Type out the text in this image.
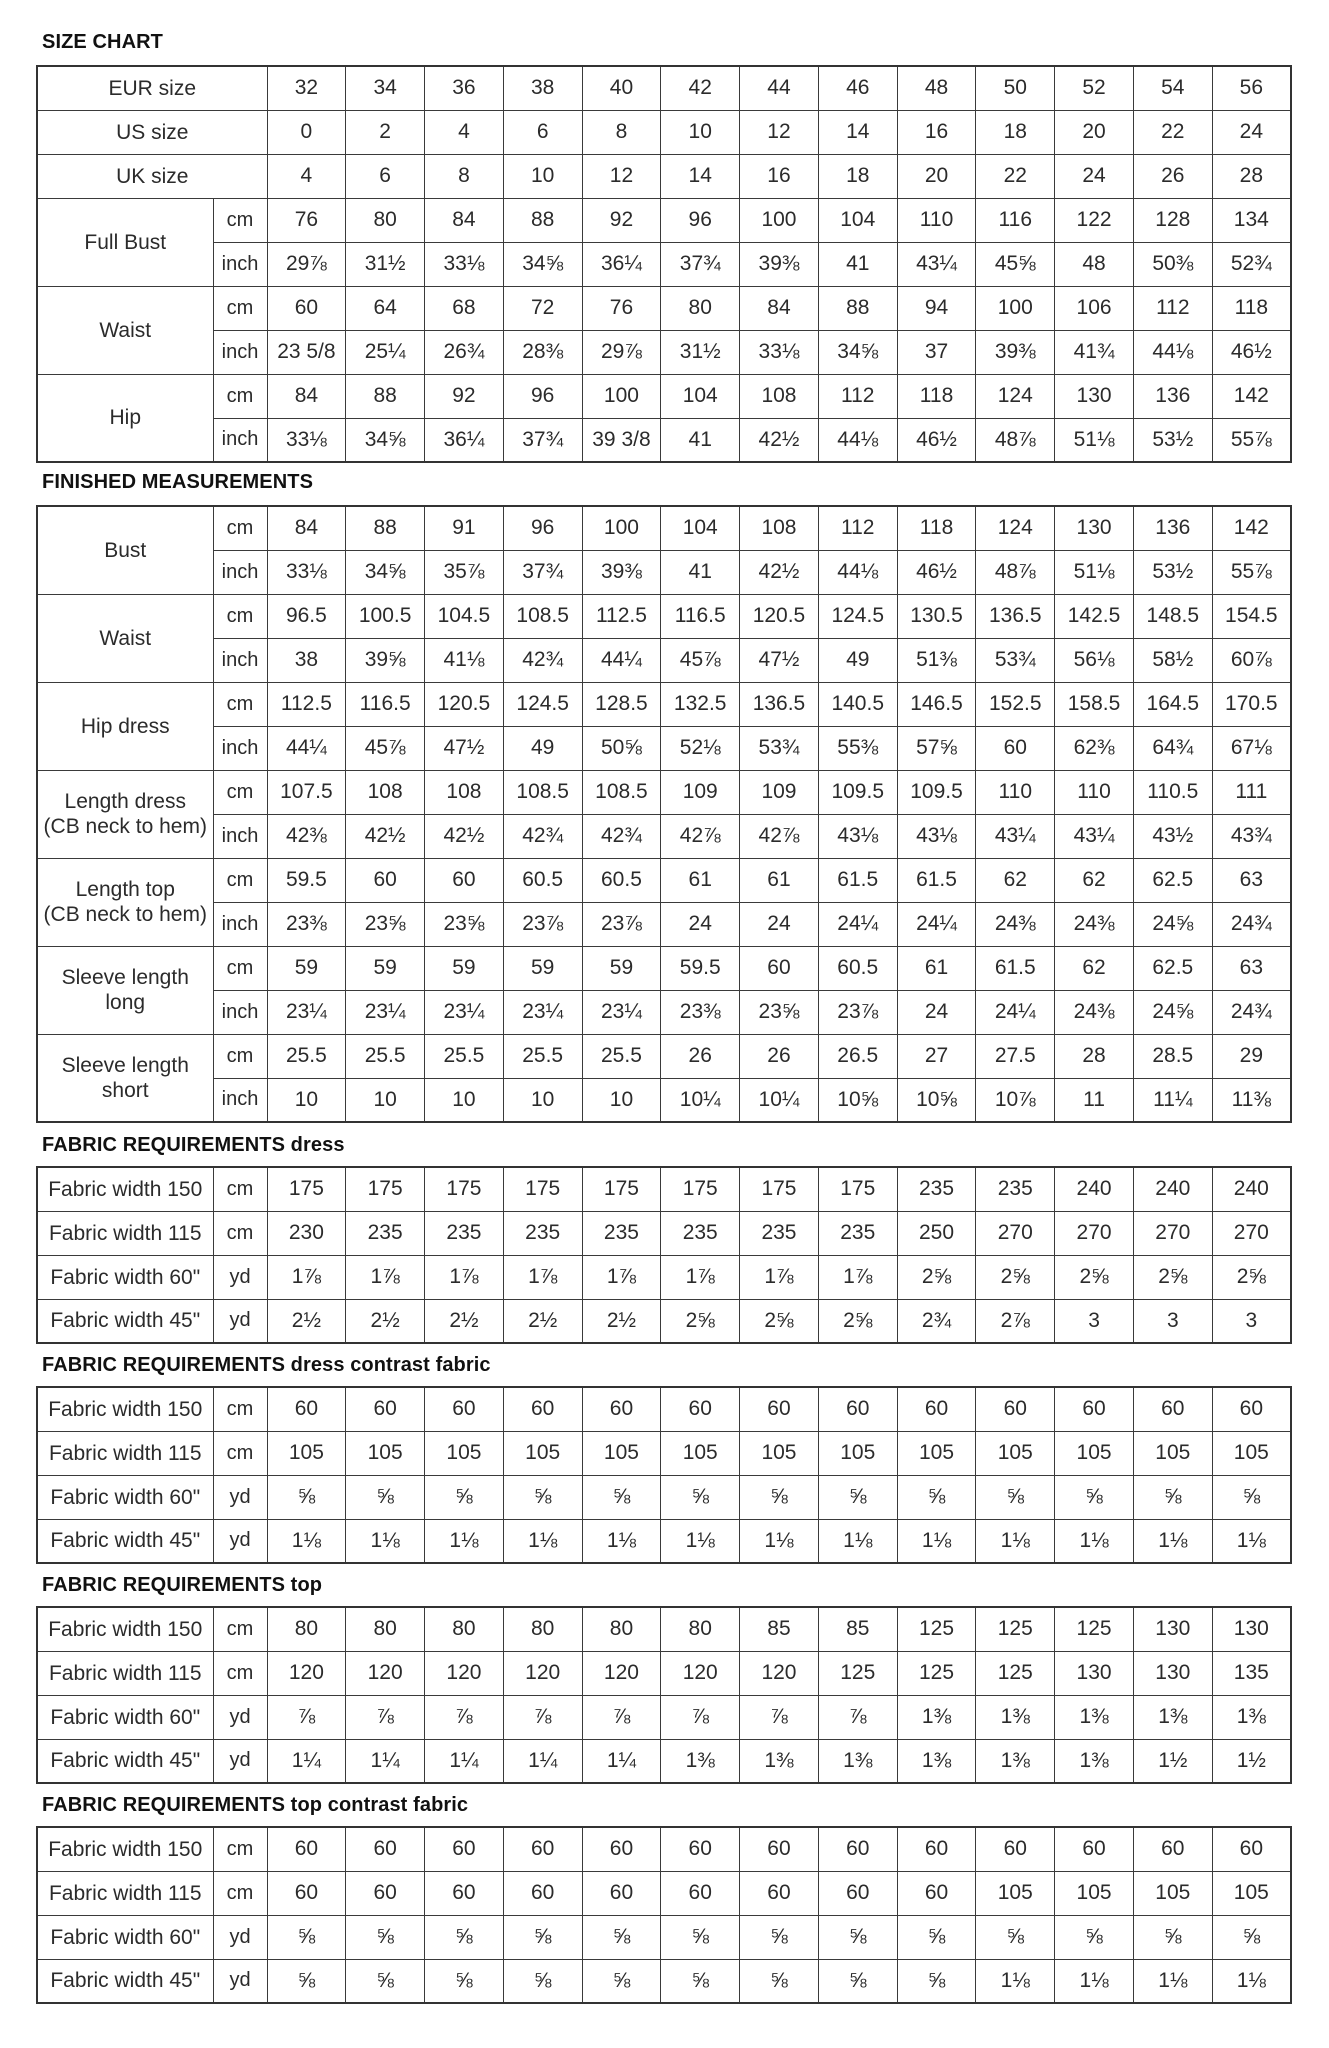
SIZE CHART
EUR size		32	34	36	38	40	42	44	46	48	50	52	54	56
US size		0	2	4	6	8	10	12	14	16	18	20	22	24
UK size		4	6	8	10	12	14	16	18	20	22	24	26	28
Full Bust	cm	76	80	84	88	92	96	100	104	110	116	122	128	134
	inch	29⅞	31½	33⅛	34⅝	36¼	37¾	39⅜	41	43¼	45⅝	48	50⅜	52¾
Waist	cm	60	64	68	72	76	80	84	88	94	100	106	112	118
	inch	23 5/8	25¼	26¾	28⅜	29⅞	31½	33⅛	34⅝	37	39⅜	41¾	44⅛	46½
Hip	cm	84	88	92	96	100	104	108	112	118	124	130	136	142
	inch	33⅛	34⅝	36¼	37¾	39 3/8	41	42½	44⅛	46½	48⅞	51⅛	53½	55⅞
FINISHED MEASUREMENTS
Bust	cm	84	88	91	96	100	104	108	112	118	124	130	136	142
	inch	33⅛	34⅝	35⅞	37¾	39⅜	41	42½	44⅛	46½	48⅞	51⅛	53½	55⅞
Waist	cm	96.5	100.5	104.5	108.5	112.5	116.5	120.5	124.5	130.5	136.5	142.5	148.5	154.5
	inch	38	39⅝	41⅛	42¾	44¼	45⅞	47½	49	51⅜	53¾	56⅛	58½	60⅞
Hip dress	cm	112.5	116.5	120.5	124.5	128.5	132.5	136.5	140.5	146.5	152.5	158.5	164.5	170.5
	inch	44¼	45⅞	47½	49	50⅝	52⅛	53¾	55⅜	57⅝	60	62⅜	64¾	67⅛
Length dress
(CB neck to hem)	cm	107.5	108	108	108.5	108.5	109	109	109.5	109.5	110	110	110.5	111
	inch	42⅜	42½	42½	42¾	42¾	42⅞	42⅞	43⅛	43⅛	43¼	43¼	43½	43¾
Length top
(CB neck to hem)	cm	59.5	60	60	60.5	60.5	61	61	61.5	61.5	62	62	62.5	63
	inch	23⅜	23⅝	23⅝	23⅞	23⅞	24	24	24¼	24¼	24⅜	24⅜	24⅝	24¾
Sleeve length
long	cm	59	59	59	59	59	59.5	60	60.5	61	61.5	62	62.5	63
	inch	23¼	23¼	23¼	23¼	23¼	23⅜	23⅝	23⅞	24	24¼	24⅜	24⅝	24¾
Sleeve length
short	cm	25.5	25.5	25.5	25.5	25.5	26	26	26.5	27	27.5	28	28.5	29
	inch	10	10	10	10	10	10¼	10¼	10⅝	10⅝	10⅞	11	11¼	11⅜
FABRIC REQUIREMENTS dress
Fabric width 150	cm	175	175	175	175	175	175	175	175	235	235	240	240	240
Fabric width 115	cm	230	235	235	235	235	235	235	235	250	270	270	270	270
Fabric width 60"	yd	1⅞	1⅞	1⅞	1⅞	1⅞	1⅞	1⅞	1⅞	2⅝	2⅝	2⅝	2⅝	2⅝
Fabric width 45"	yd	2½	2½	2½	2½	2½	2⅝	2⅝	2⅝	2¾	2⅞	3	3	3
FABRIC REQUIREMENTS dress contrast fabric
Fabric width 150	cm	60	60	60	60	60	60	60	60	60	60	60	60	60
Fabric width 115	cm	105	105	105	105	105	105	105	105	105	105	105	105	105
Fabric width 60"	yd	⅝	⅝	⅝	⅝	⅝	⅝	⅝	⅝	⅝	⅝	⅝	⅝	⅝
Fabric width 45"	yd	1⅛	1⅛	1⅛	1⅛	1⅛	1⅛	1⅛	1⅛	1⅛	1⅛	1⅛	1⅛	1⅛
FABRIC REQUIREMENTS top
Fabric width 150	cm	80	80	80	80	80	80	85	85	125	125	125	130	130
Fabric width 115	cm	120	120	120	120	120	120	120	125	125	125	130	130	135
Fabric width 60"	yd	⅞	⅞	⅞	⅞	⅞	⅞	⅞	⅞	1⅜	1⅜	1⅜	1⅜	1⅜
Fabric width 45"	yd	1¼	1¼	1¼	1¼	1¼	1⅜	1⅜	1⅜	1⅜	1⅜	1⅜	1½	1½
FABRIC REQUIREMENTS top contrast fabric
Fabric width 150	cm	60	60	60	60	60	60	60	60	60	60	60	60	60
Fabric width 115	cm	60	60	60	60	60	60	60	60	60	105	105	105	105
Fabric width 60"	yd	⅝	⅝	⅝	⅝	⅝	⅝	⅝	⅝	⅝	⅝	⅝	⅝	⅝
Fabric width 45"	yd	⅝	⅝	⅝	⅝	⅝	⅝	⅝	⅝	⅝	1⅛	1⅛	1⅛	1⅛
